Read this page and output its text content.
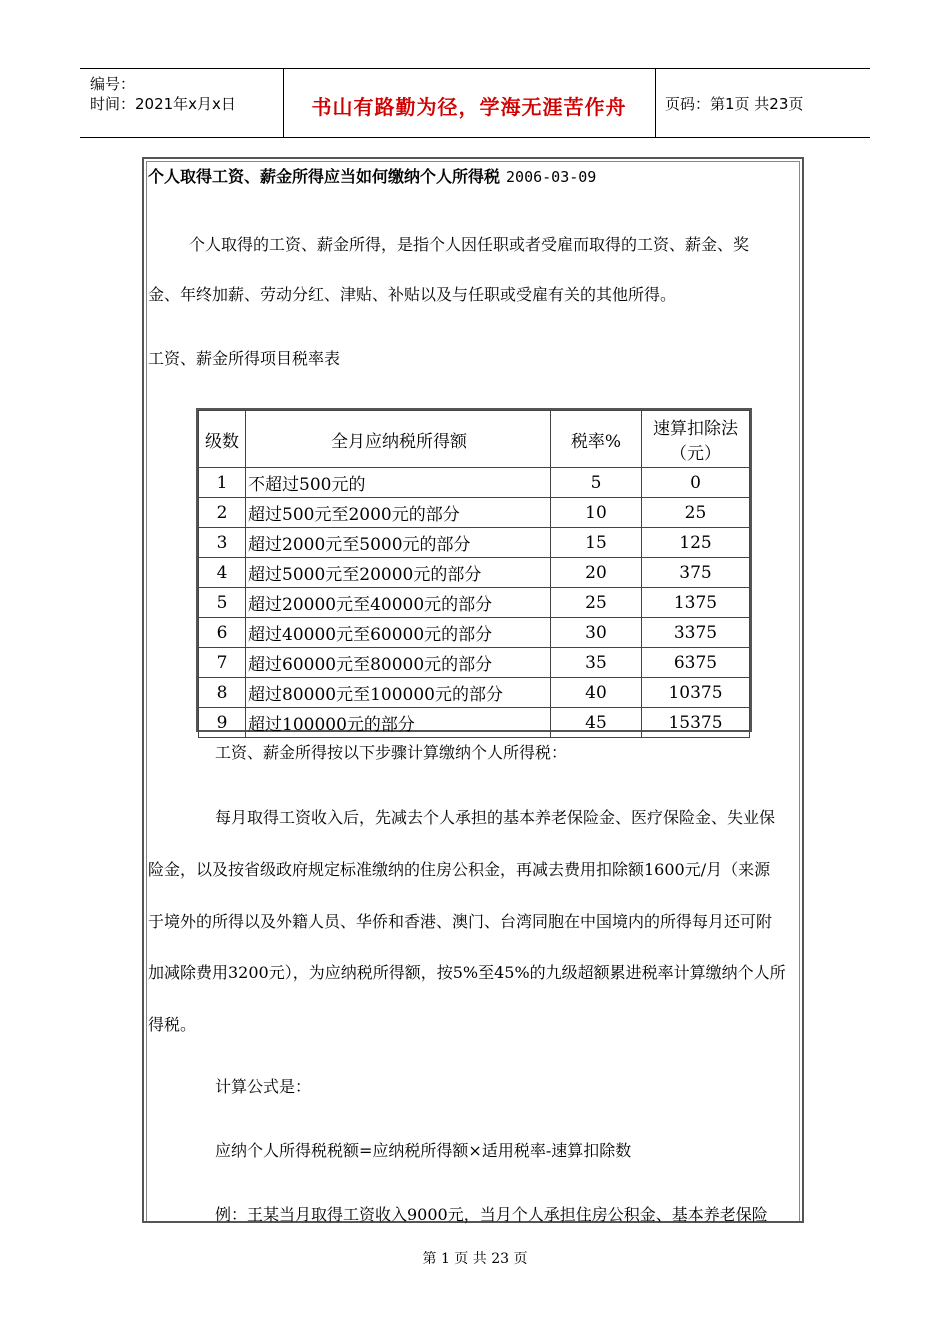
编号：
时间：2021年x月x日	书山有路勤为径，学海无涯苦作舟	页码：第1页 共23页
个人取得工资、薪金所得应当如何缴纳个人所得税 2006-03-09
个人取得的工资、薪金所得，是指个人因任职或者受雇而取得的工资、薪金、奖
金、年终加薪、劳动分红、津贴、补贴以及与任职或受雇有关的其他所得。
工资、薪金所得项目税率表
工资、薪金所得按以下步骤计算缴纳个人所得税：
每月取得工资收入后，先减去个人承担的基本养老保险金、医疗保险金、失业保
险金，以及按省级政府规定标准缴纳的住房公积金，再减去费用扣除额1600元/月（来源
于境外的所得以及外籍人员、华侨和香港、澳门、台湾同胞在中国境内的所得每月还可附
加减除费用3200元），为应纳税所得额，按5%至45%的九级超额累进税率计算缴纳个人所
得税。
计算公式是：
应纳个人所得税税额=应纳税所得额×适用税率-速算扣除数
例：王某当月取得工资收入9000元，当月个人承担住房公积金、基本养老保险
级数	全月应纳税所得额	税率%	速算扣除法
（元）

1	不超过500元的	5	0
2	超过500元至2000元的部分	10	25
3	超过2000元至5000元的部分	15	125
4	超过5000元至20000元的部分	20	375
5	超过20000元至40000元的部分	25	1375
6	超过40000元至60000元的部分	30	3375
7	超过60000元至80000元的部分	35	6375
8	超过80000元至100000元的部分	40	10375
9	超过100000元的部分	45	15375
第 1 页 共 23 页
